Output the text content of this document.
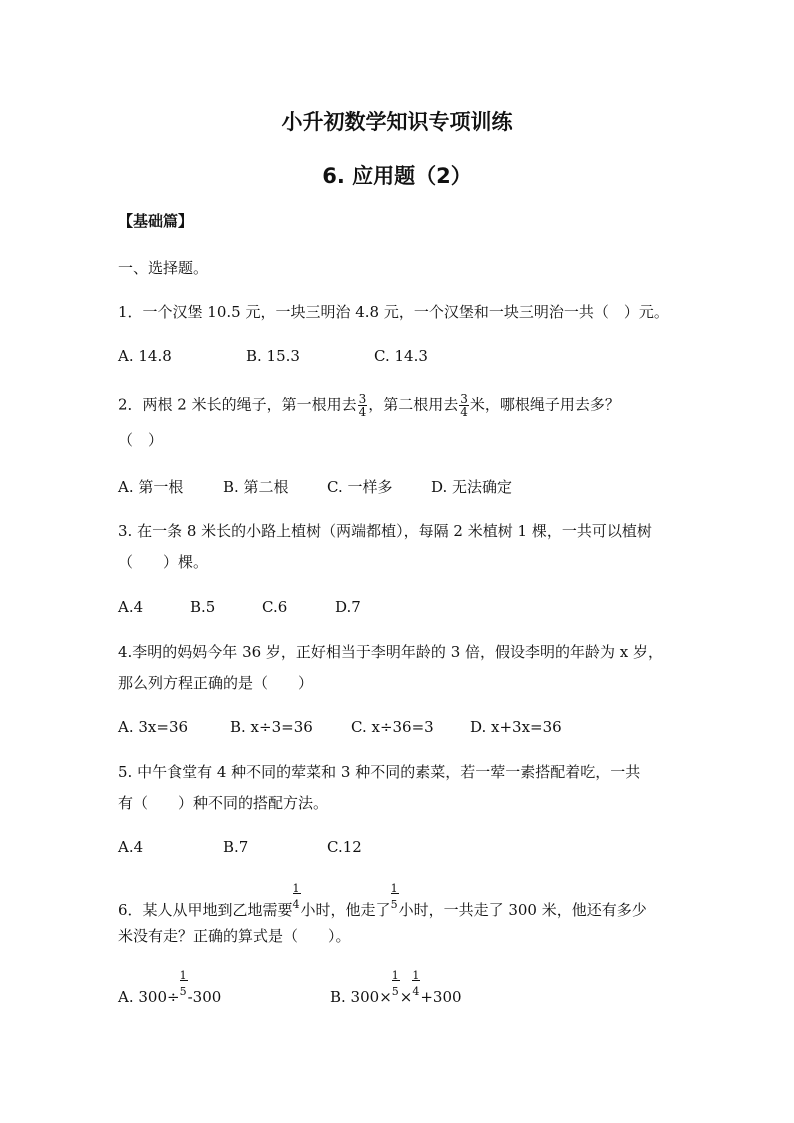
小升初数学知识专项训练
6. 应用题（2）
【基础篇】
一、选择题。
1．一个汉堡 10.5 元，一块三明治 4.8 元，一个汉堡和一块三明治一共（　）元。
A. 14.8	B. 15.3	C. 14.3
2．两根 2 米长的绳子，第一根用去 $\frac{3}{4}$ ，第二根用去 $\frac{3}{4}$ 米，哪根绳子用去多？
（　）
A. 第一根	B. 第二根	C. 一样多	D. 无法确定
3. 在一条 8 米长的小路上植树（两端都植），每隔 2 米植树 1 棵，一共可以植树
（　　）棵。
A.4	B.5	C.6	D.7
4.李明的妈妈今年 36 岁，正好相当于李明年龄的 3 倍，假设李明的年龄为 x 岁，
那么列方程正确的是（　　）
A. 3x=36	B. x÷3=36	C. x÷36=3 D. x+3x=36
5. 中午食堂有 4 种不同的荤菜和 3 种不同的素菜，若一荤一素搭配着吃，一共
有（　　）种不同的搭配方法。
A.4	B.7	C.12
6．某人从甲地到乙地需要 $\frac{1}{4}$ 小时，他走了 $\frac{1}{5}$ 小时，一共走了 300 米，他还有多少
米没有走？正确的算式是（　　）。
A. $300\div \frac{1}{5} -300$	B. $300\times \frac{1}{5} \times \frac{1}{4} +300$
